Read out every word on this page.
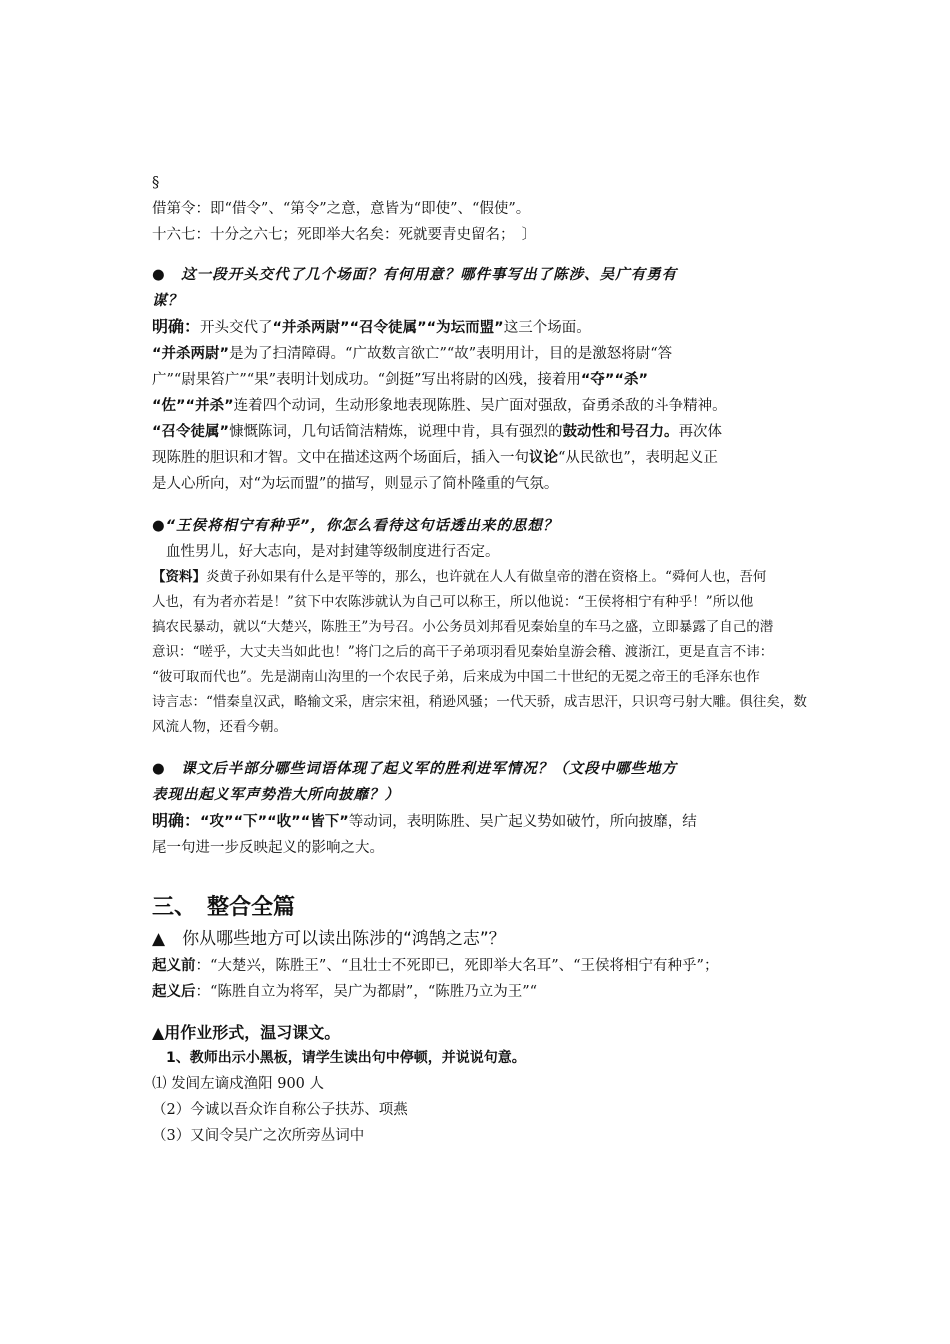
§

借第令：即“借令”、“第令”之意，意皆为“即使”、“假使”。

十六七：十分之六七；死即举大名矣：死就要青史留名；　〕

●　这一段开头交代了几个场面？有何用意？哪件事写出了陈涉、吴广有勇有

谋？

明确：开头交代了“并杀两尉”“召令徒属”“为坛而盟”这三个场面。

“并杀两尉”是为了扫清障碍。“广故数言欲亡”“故”表明用计，目的是激怒将尉“答

广”“尉果笞广”“果”表明计划成功。“剑挺”写出将尉的凶残，接着用“夺”“杀”

“佐”“并杀”连着四个动词，生动形象地表现陈胜、吴广面对强敌，奋勇杀敌的斗争精神。

“召令徒属”慷慨陈词，几句话简洁精炼，说理中肯，具有强烈的鼓动性和号召力。再次体

现陈胜的胆识和才智。文中在描述这两个场面后，插入一句议论“从民欲也”，表明起义正

是人心所向，对“为坛而盟”的描写，则显示了简朴隆重的气氛。

●“王侯将相宁有种乎”，你怎么看待这句话透出来的思想？

血性男儿，好大志向，是对封建等级制度进行否定。

【资料】炎黄子孙如果有什么是平等的，那么，也许就在人人有做皇帝的潜在资格上。“舜何人也，吾何

人也，有为者亦若是！”贫下中农陈涉就认为自己可以称王，所以他说：“王侯将相宁有种乎！”所以他

搞农民暴动，就以“大楚兴，陈胜王”为号召。小公务员刘邦看见秦始皇的车马之盛，立即暴露了自己的潜

意识：“嗟乎，大丈夫当如此也！”将门之后的高干子弟项羽看见秦始皇游会稽、渡浙江，更是直言不讳：

“彼可取而代也”。先是湖南山沟里的一个农民子弟，后来成为中国二十世纪的无冕之帝王的毛泽东也作

诗言志：“惜秦皇汉武，略输文采，唐宗宋祖，稍逊风骚；一代天骄，成吉思汗，只识弯弓射大雕。俱往矣，数

风流人物，还看今朝。

●　课文后半部分哪些词语体现了起义军的胜利进军情况？（文段中哪些地方

表现出起义军声势浩大所向披靡？）

明确：“攻”“下”“收”“皆下”等动词，表明陈胜、吴广起义势如破竹，所向披靡，结

尾一句进一步反映起义的影响之大。

三、　整合全篇

▲　你从哪些地方可以读出陈涉的“鸿鹄之志”？

起义前：“大楚兴，陈胜王”、“且壮士不死即已，死即举大名耳”、“王侯将相宁有种乎”；

起义后：“陈胜自立为将军，吴广为都尉”，“陈胜乃立为王”“

▲用作业形式，温习课文。

1、教师出示小黑板，请学生读出句中停顿，并说说句意。

⑴ 发闾左谪戍渔阳 900 人

（2）今诚以吾众诈自称公子扶苏、项燕

（3）又间令吴广之次所旁丛词中
